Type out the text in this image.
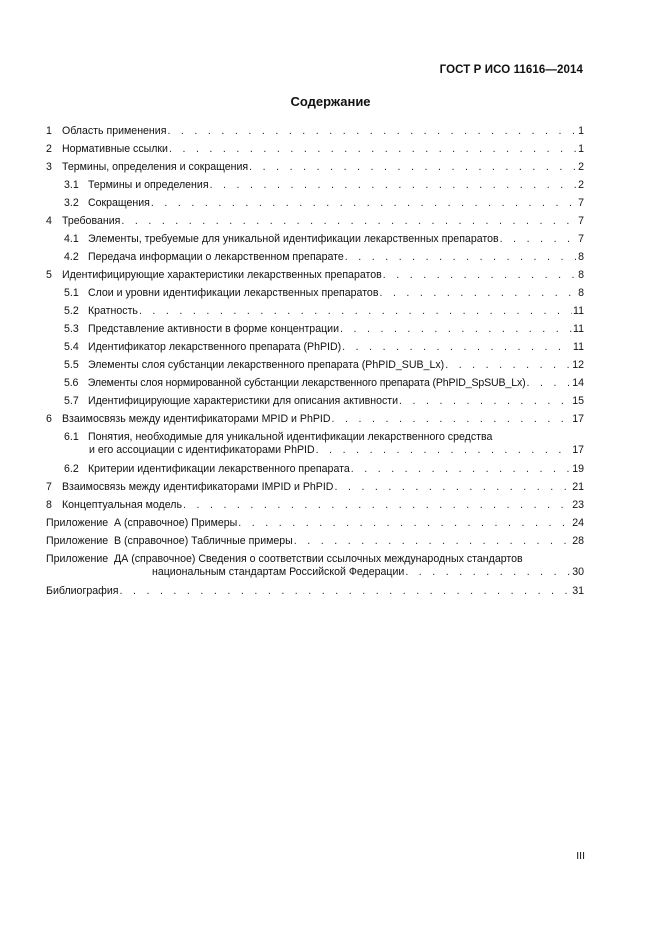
ГОСТ Р ИСО 11616—2014
Содержание
1 Область применения . . .	1
2 Нормативные ссылки . . .	1
3 Термины, определения и сокращения . . .	2
3.1 Термины и определения . . .	2
3.2 Сокращения . . .	7
4 Требования . . .	7
4.1 Элементы, требуемые для уникальной идентификации лекарственных препаратов . . .	7
4.2 Передача информации о лекарственном препарате . . .	8
5 Идентифицирующие характеристики лекарственных препаратов . . .	8
5.1 Слои и уровни идентификации лекарственных препаратов . . .	8
5.2 Кратность . . .	11
5.3 Представление активности в форме концентрации . . .	11
5.4 Идентификатор лекарственного препарата (PhPID) . . .	11
5.5 Элементы слоя субстанции лекарственного препарата (PhPID_SUB_Lx) . . .	12
5.6 Элементы слоя нормированной субстанции лекарственного препарата (PhPID_SpSUB_Lx) . . .	14
5.7 Идентифицирующие характеристики для описания активности . . .	15
6 Взаимосвязь между идентификаторами MPID и PhPID . . .	17
6.1 Понятия, необходимые для уникальной идентификации лекарственного средства
и его ассоциации с идентификаторами PhPID . . .	17
6.2 Критерии идентификации лекарственного препарата . . .	19
7 Взаимосвязь между идентификаторами IMPID и PhPID . . .	21
8 Концептуальная модель . . .	23
Приложение  А (справочное) Примеры . . .	24
Приложение  В (справочное) Табличные примеры . . .	28
Приложение  ДА (справочное) Сведения о соответствии ссылочных международных стандартов
национальным стандартам Российской Федерации . . .	30
Библиография . . .	31
III
